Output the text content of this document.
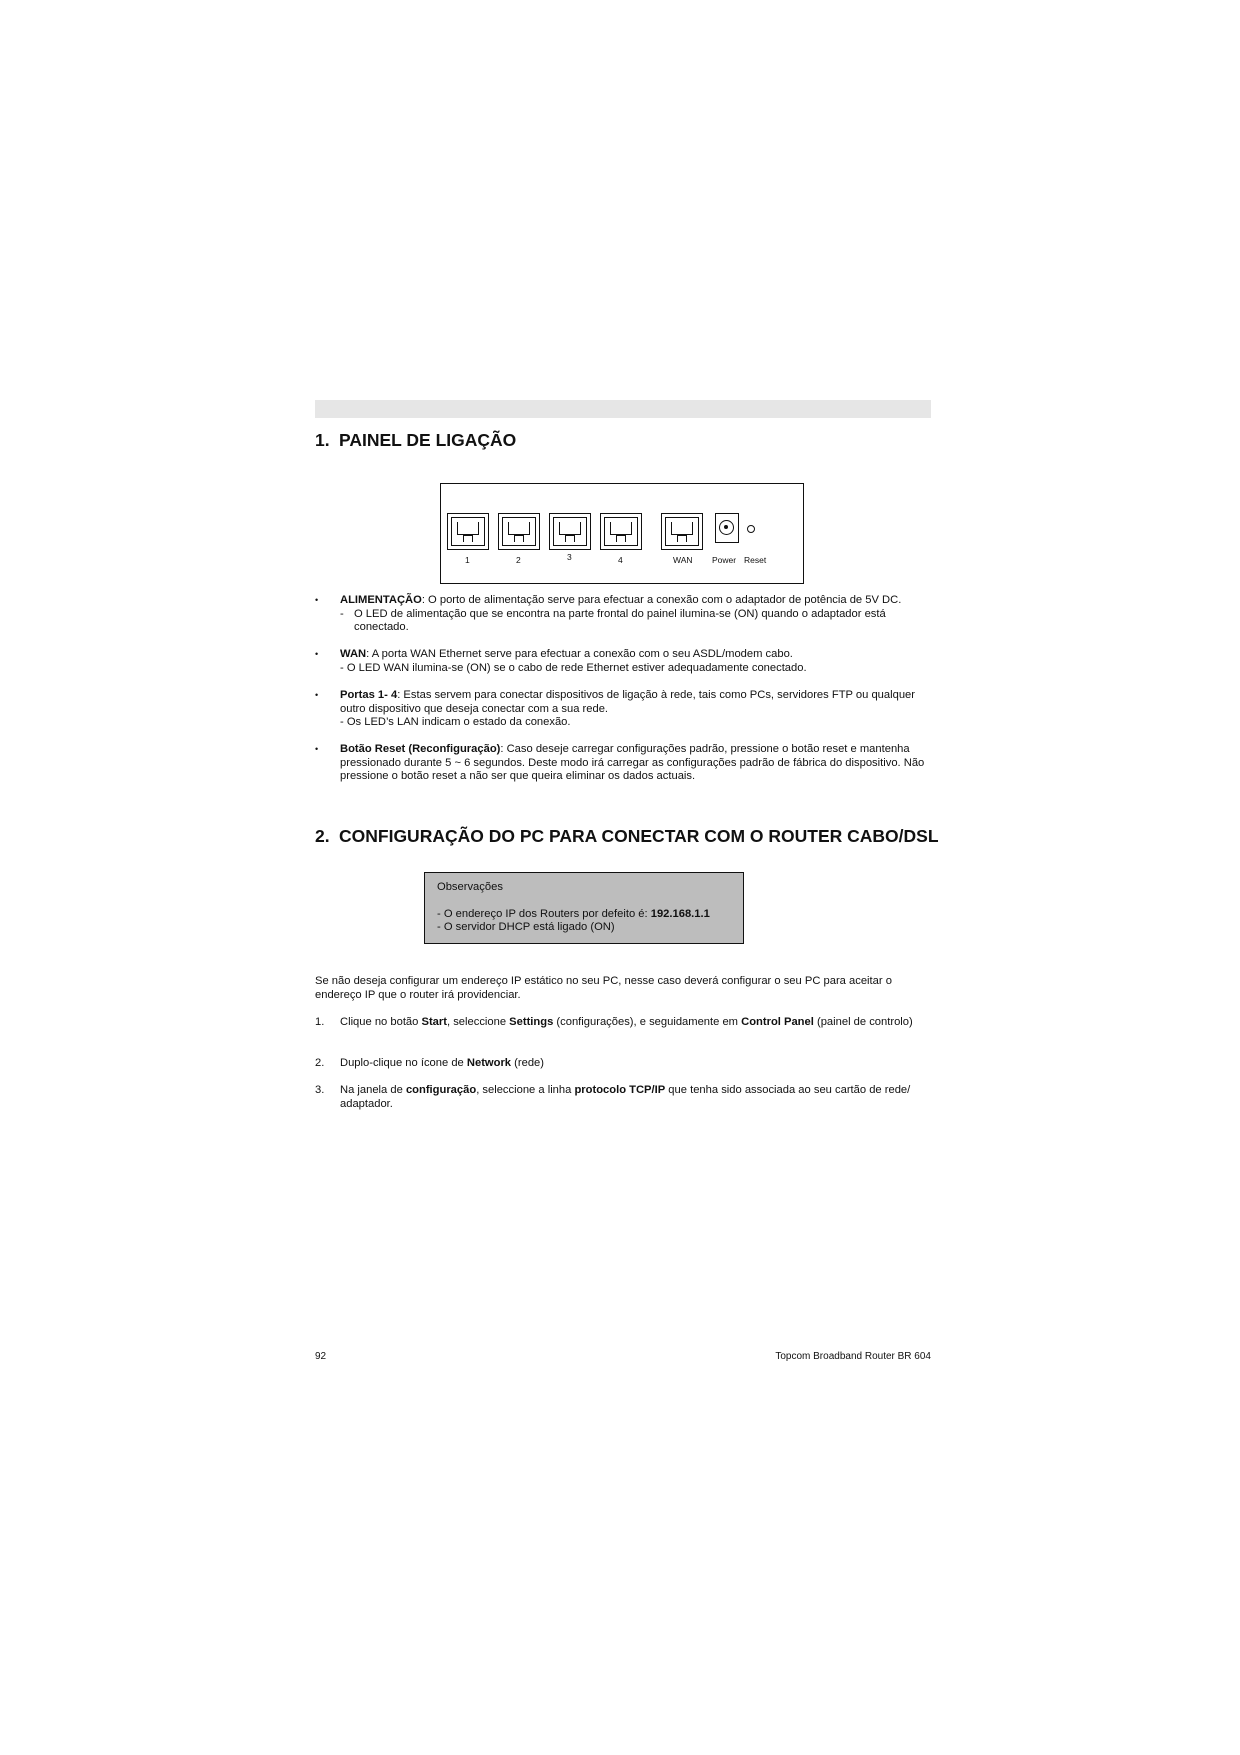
1. PAINEL DE LIGAÇÃO
1	2	3	4	WAN Power Reset
• ALIMENTAÇÃO: O porto de alimentação serve para efectuar a conexão com o adaptador de potência de 5V DC.
- O LED de alimentação que se encontra na parte frontal do painel ilumina-se (ON) quando o adaptador está conectado.
• WAN: A porta WAN Ethernet serve para efectuar a conexão com o seu ASDL/modem cabo.
- O LED WAN ilumina-se (ON) se o cabo de rede Ethernet estiver adequadamente conectado.
• Portas 1- 4: Estas servem para conectar dispositivos de ligação à rede, tais como PCs, servidores FTP ou qualquer outro dispositivo que deseja conectar com a sua rede.
- Os LED’s LAN indicam o estado da conexão.
• Botão Reset (Reconfiguração): Caso deseje carregar configurações padrão, pressione o botão reset e mantenha pressionado durante 5 ~ 6 segundos. Deste modo irá carregar as configurações padrão de fábrica do dispositivo. Não pressione o botão reset a não ser que queira eliminar os dados actuais.
2. CONFIGURAÇÃO DO PC PARA CONECTAR COM O ROUTER CABO/DSL

Observações

- O endereço IP dos Routers por defeito é: 192.168.1.1

- O servidor DHCP está ligado (ON)

Se não deseja configurar um endereço IP estático no seu PC, nesse caso deverá configurar o seu PC para aceitar o endereço IP que o router irá providenciar.
1. Clique no botão Start, seleccione Settings (configurações), e seguidamente em Control Panel (painel de controlo)
2. Duplo-clique no ícone de Network (rede)
3. Na janela de configuração, seleccione a linha protocolo TCP/IP que tenha sido associada ao seu cartão de rede/ adaptador.
92	Topcom Broadband Router BR 604
